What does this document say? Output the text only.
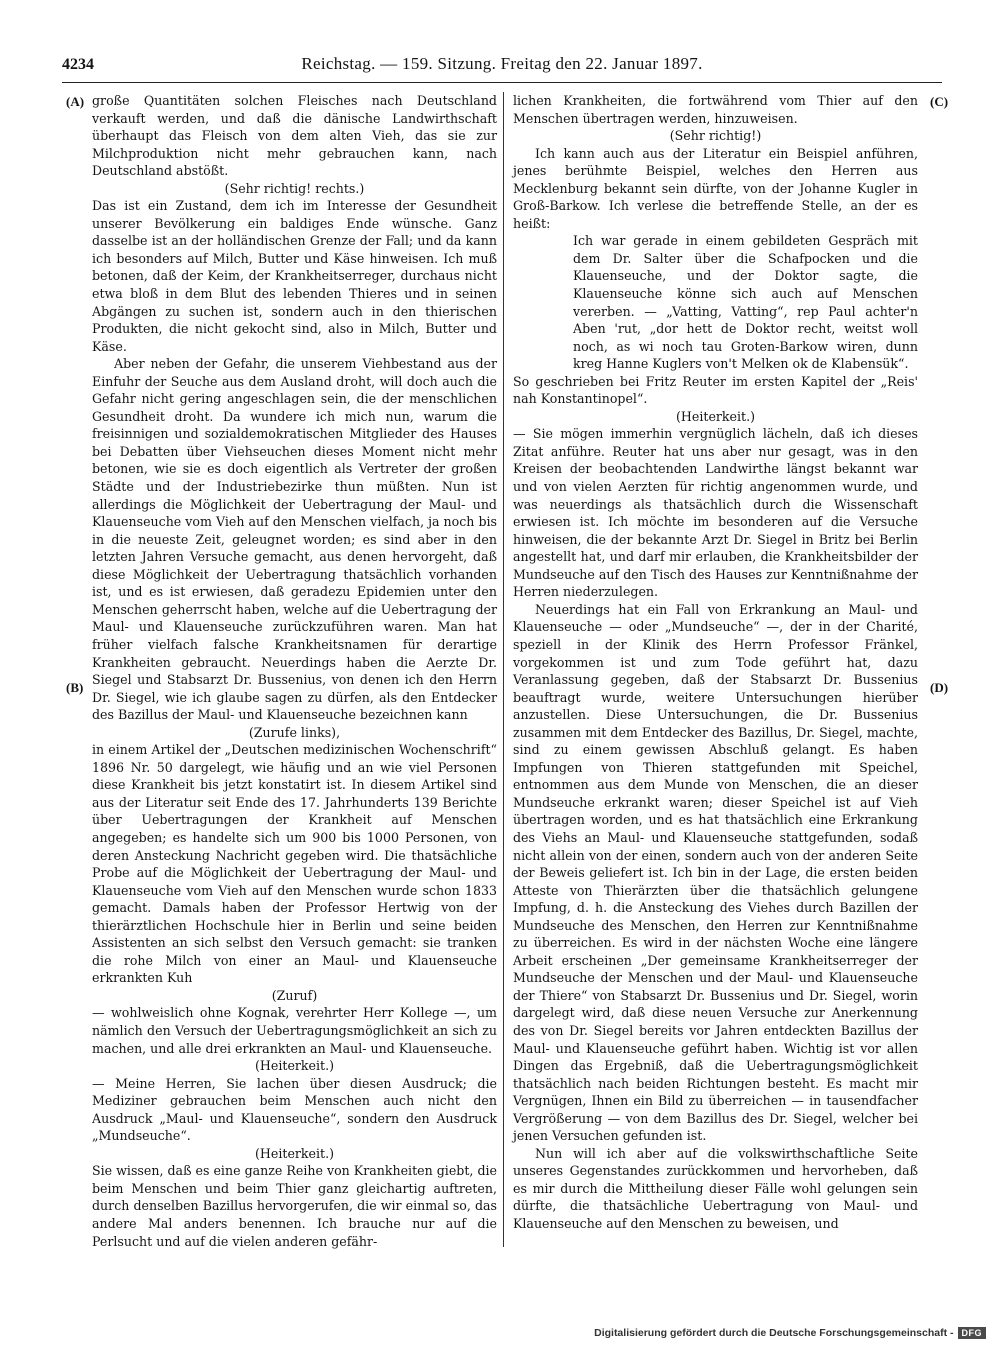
4234	Reichstag. — 159. Sitzung. Freitag den 22. Januar 1897.
(A)
(B)
(C)
(D)

große Quantitäten solchen Fleisches nach Deutschland verkauft werden, und daß die dänische Landwirthschaft überhaupt das Fleisch von dem alten Vieh, das sie zur Milchproduktion nicht mehr gebrauchen kann, nach Deutschland abstößt.

(Sehr richtig! rechts.)

Das ist ein Zustand, dem ich im Interesse der Gesundheit unserer Bevölkerung ein baldiges Ende wünsche. Ganz dasselbe ist an der holländischen Grenze der Fall; und da kann ich besonders auf Milch, Butter und Käse hinweisen. Ich muß betonen, daß der Keim, der Krankheitserreger, durchaus nicht etwa bloß in dem Blut des lebenden Thieres und in seinen Abgängen zu suchen ist, sondern auch in den thierischen Produkten, die nicht gekocht sind, also in Milch, Butter und Käse.

Aber neben der Gefahr, die unserem Viehbestand aus der Einfuhr der Seuche aus dem Ausland droht, will doch auch die Gefahr nicht gering angeschlagen sein, die der menschlichen Gesundheit droht. Da wundere ich mich nun, warum die freisinnigen und sozialdemokratischen Mitglieder des Hauses bei Debatten über Viehseuchen dieses Moment nicht mehr betonen, wie sie es doch eigentlich als Vertreter der großen Städte und der Industriebezirke thun müßten. Nun ist allerdings die Möglichkeit der Uebertragung der Maul- und Klauenseuche vom Vieh auf den Menschen vielfach, ja noch bis in die neueste Zeit, geleugnet worden; es sind aber in den letzten Jahren Versuche gemacht, aus denen hervorgeht, daß diese Möglichkeit der Uebertragung thatsächlich vorhanden ist, und es ist erwiesen, daß geradezu Epidemien unter den Menschen geherrscht haben, welche auf die Uebertragung der Maul- und Klauenseuche zurückzuführen waren. Man hat früher vielfach falsche Krankheitsnamen für derartige Krankheiten gebraucht. Neuerdings haben die Aerzte Dr. Siegel und Stabsarzt Dr. Bussenius, von denen ich den Herrn Dr. Siegel, wie ich glaube sagen zu dürfen, als den Entdecker des Bazillus der Maul- und Klauenseuche bezeichnen kann

(Zurufe links),

in einem Artikel der „Deutschen medizinischen Wochenschrift“ 1896 Nr. 50 dargelegt, wie häufig und an wie viel Personen diese Krankheit bis jetzt konstatirt ist. In diesem Artikel sind aus der Literatur seit Ende des 17. Jahrhunderts 139 Berichte über Uebertragungen der Krankheit auf Menschen angegeben; es handelte sich um 900 bis 1000 Personen, von deren Ansteckung Nachricht gegeben wird. Die thatsächliche Probe auf die Möglichkeit der Uebertragung der Maul- und Klauenseuche vom Vieh auf den Menschen wurde schon 1833 gemacht. Damals haben der Professor Hertwig von der thierärztlichen Hochschule hier in Berlin und seine beiden Assistenten an sich selbst den Versuch gemacht: sie tranken die rohe Milch von einer an Maul- und Klauenseuche erkrankten Kuh

(Zuruf)

— wohlweislich ohne Kognak, verehrter Herr Kollege —, um nämlich den Versuch der Uebertragungsmöglichkeit an sich zu machen, und alle drei erkrankten an Maul- und Klauenseuche.

(Heiterkeit.)

— Meine Herren, Sie lachen über diesen Ausdruck; die Mediziner gebrauchen beim Menschen auch nicht den Ausdruck „Maul- und Klauenseuche“, sondern den Ausdruck „Mundseuche“.

(Heiterkeit.)

Sie wissen, daß es eine ganze Reihe von Krankheiten giebt, die beim Menschen und beim Thier ganz gleichartig auftreten, durch denselben Bazillus hervorgerufen, die wir einmal so, das andere Mal anders benennen. Ich brauche nur auf die Perlsucht und auf die vielen anderen gefähr-

lichen Krankheiten, die fortwährend vom Thier auf den Menschen übertragen werden, hinzuweisen.

(Sehr richtig!)

Ich kann auch aus der Literatur ein Beispiel anführen, jenes berühmte Beispiel, welches den Herren aus Mecklenburg bekannt sein dürfte, von der Johanne Kugler in Groß-Barkow. Ich verlese die betreffende Stelle, an der es heißt:

Ich war gerade in einem gebildeten Gespräch mit dem Dr. Salter über die Schafpocken und die Klauenseuche, und der Doktor sagte, die Klauenseuche könne sich auch auf Menschen vererben. — „Vatting, Vatting“, rep Paul achter'n Aben 'rut, „dor hett de Doktor recht, weitst woll noch, as wi noch tau Groten-Barkow wiren, dunn kreg Hanne Kuglers von't Melken ok de Klabensük“.

So geschrieben bei Fritz Reuter im ersten Kapitel der „Reis' nah Konstantinopel“.

(Heiterkeit.)

— Sie mögen immerhin vergnüglich lächeln, daß ich dieses Zitat anführe. Reuter hat uns aber nur gesagt, was in den Kreisen der beobachtenden Landwirthe längst bekannt war und von vielen Aerzten für richtig angenommen wurde, und was neuerdings als thatsächlich durch die Wissenschaft erwiesen ist. Ich möchte im besonderen auf die Versuche hinweisen, die der bekannte Arzt Dr. Siegel in Britz bei Berlin angestellt hat, und darf mir erlauben, die Krankheitsbilder der Mundseuche auf den Tisch des Hauses zur Kenntnißnahme der Herren niederzulegen.

Neuerdings hat ein Fall von Erkrankung an Maul- und Klauenseuche — oder „Mundseuche“ —, der in der Charité, speziell in der Klinik des Herrn Professor Fränkel, vorgekommen ist und zum Tode geführt hat, dazu Veranlassung gegeben, daß der Stabsarzt Dr. Bussenius beauftragt wurde, weitere Untersuchungen hierüber anzustellen. Diese Untersuchungen, die Dr. Bussenius zusammen mit dem Entdecker des Bazillus, Dr. Siegel, machte, sind zu einem gewissen Abschluß gelangt. Es haben Impfungen von Thieren stattgefunden mit Speichel, entnommen aus dem Munde von Menschen, die an dieser Mundseuche erkrankt waren; dieser Speichel ist auf Vieh übertragen worden, und es hat thatsächlich eine Erkrankung des Viehs an Maul- und Klauenseuche stattgefunden, sodaß nicht allein von der einen, sondern auch von der anderen Seite der Beweis geliefert ist. Ich bin in der Lage, die ersten beiden Atteste von Thierärzten über die thatsächlich gelungene Impfung, d. h. die Ansteckung des Viehes durch Bazillen der Mundseuche des Menschen, den Herren zur Kenntnißnahme zu überreichen. Es wird in der nächsten Woche eine längere Arbeit erscheinen „Der gemeinsame Krankheitserreger der Mundseuche der Menschen und der Maul- und Klauenseuche der Thiere“ von Stabsarzt Dr. Bussenius und Dr. Siegel, worin dargelegt wird, daß diese neuen Versuche zur Anerkennung des von Dr. Siegel bereits vor Jahren entdeckten Bazillus der Maul- und Klauenseuche geführt haben. Wichtig ist vor allen Dingen das Ergebniß, daß die Uebertragungsmöglichkeit thatsächlich nach beiden Richtungen besteht. Es macht mir Vergnügen, Ihnen ein Bild zu überreichen — in tausendfacher Vergrößerung — von dem Bazillus des Dr. Siegel, welcher bei jenen Versuchen gefunden ist.

Nun will ich aber auf die volkswirthschaftliche Seite unseres Gegenstandes zurückkommen und hervorheben, daß es mir durch die Mittheilung dieser Fälle wohl gelungen sein dürfte, die thatsächliche Uebertragung von Maul- und Klauenseuche auf den Menschen zu beweisen, und

Digitalisierung gefördert durch die Deutsche Forschungsgemeinschaft - DFG
